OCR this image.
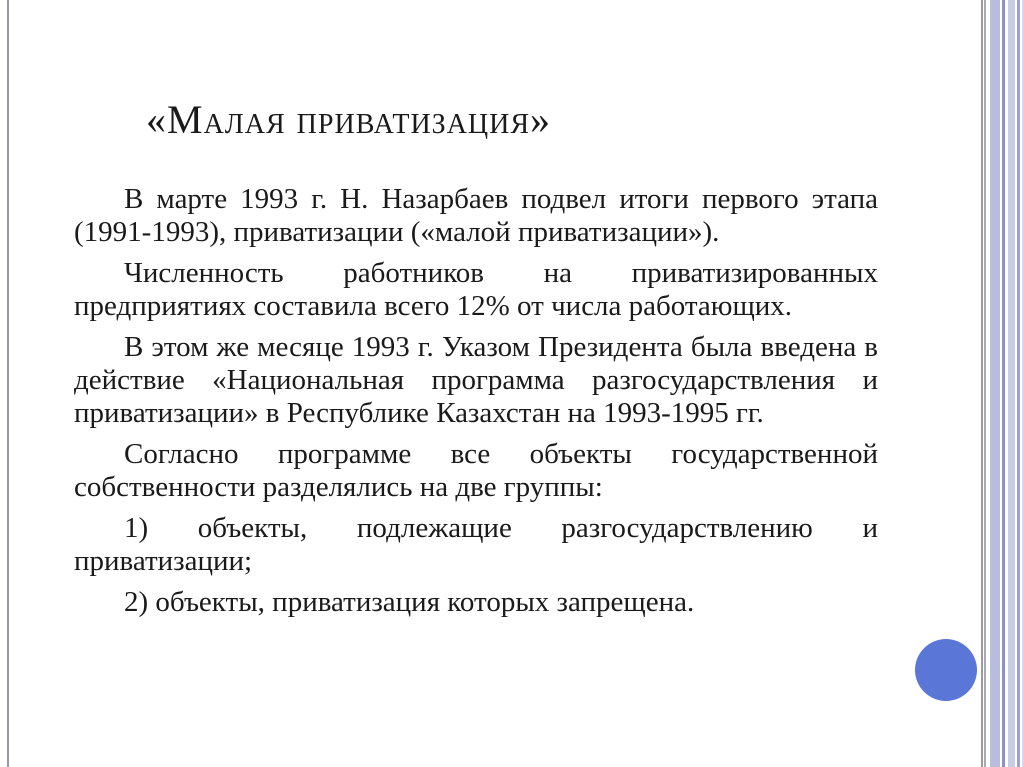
«Малая приватизация»

В марте 1993 г. Н. Назарбаев подвел итоги первого этапа (1991-1993), приватизации («малой приватизации»).

Численность работников на приватизированных предприятиях составила всего 12% от числа работающих.

В этом же месяце 1993 г. Указом Президента была введена в действие «Национальная программа разгосударствления и приватизации» в Республике Казахстан на 1993-1995 гг.

Согласно программе все объекты государственной собственности разделялись на две группы:

1) объекты, подлежащие разгосударствлению и приватизации;

2) объекты, приватизация которых запрещена.
